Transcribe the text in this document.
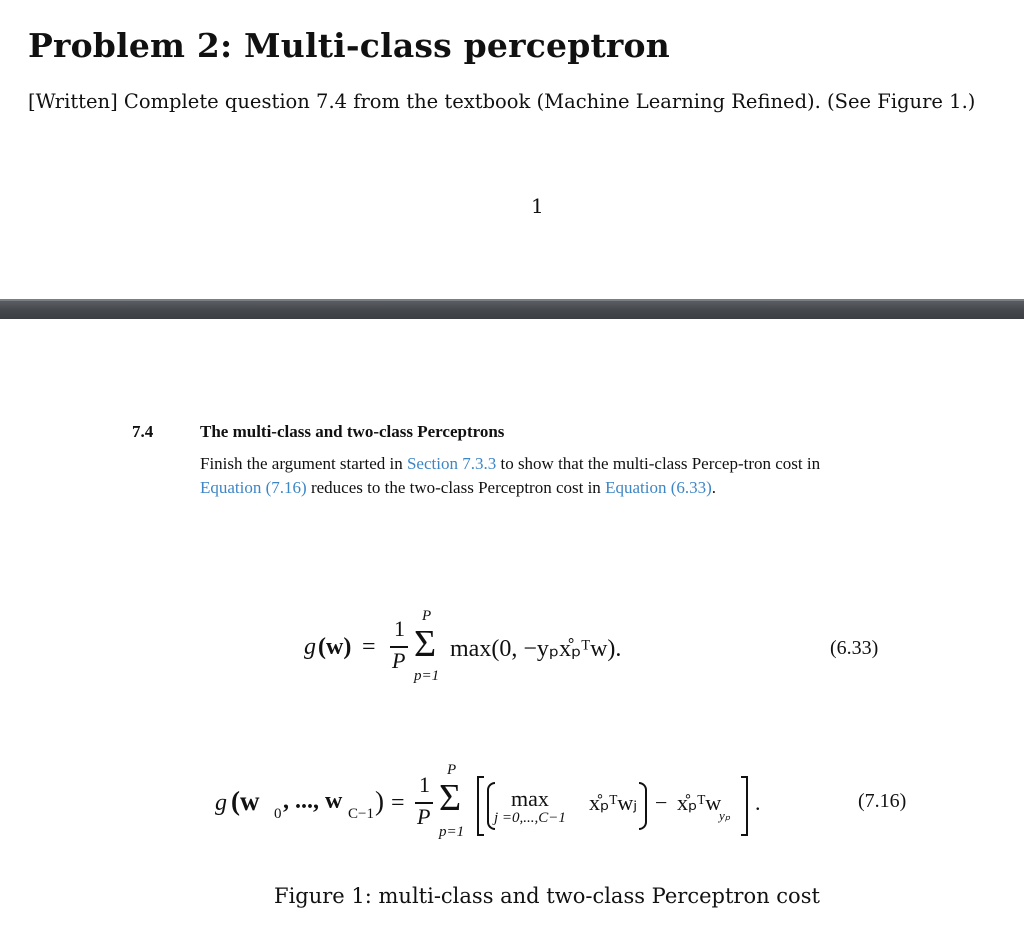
Problem 2: Multi-class perceptron
[Written] Complete question 7.4 from the textbook (Machine Learning Refined). (See Figure 1.)
1
7.4	The multi-class and two-class Perceptrons
Finish the argument started in Section 7.3.3 to show that the multi-class Percep-tron cost in Equation (7.16) reduces to the two-class Perceptron cost in Equation (6.33).
g (w) =
1
P
P
Σ
p=1
max(0, −yₚx̊ₚᵀw).	(6.33)
g (w 0 , ..., w C−1 ) =
1
P
P
Σ
p=1
max
j =0,...,C−1
x̊ₚᵀwⱼ − x̊ₚᵀw
yₚ
.	(7.16)
Figure 1: multi-class and two-class Perceptron cost
